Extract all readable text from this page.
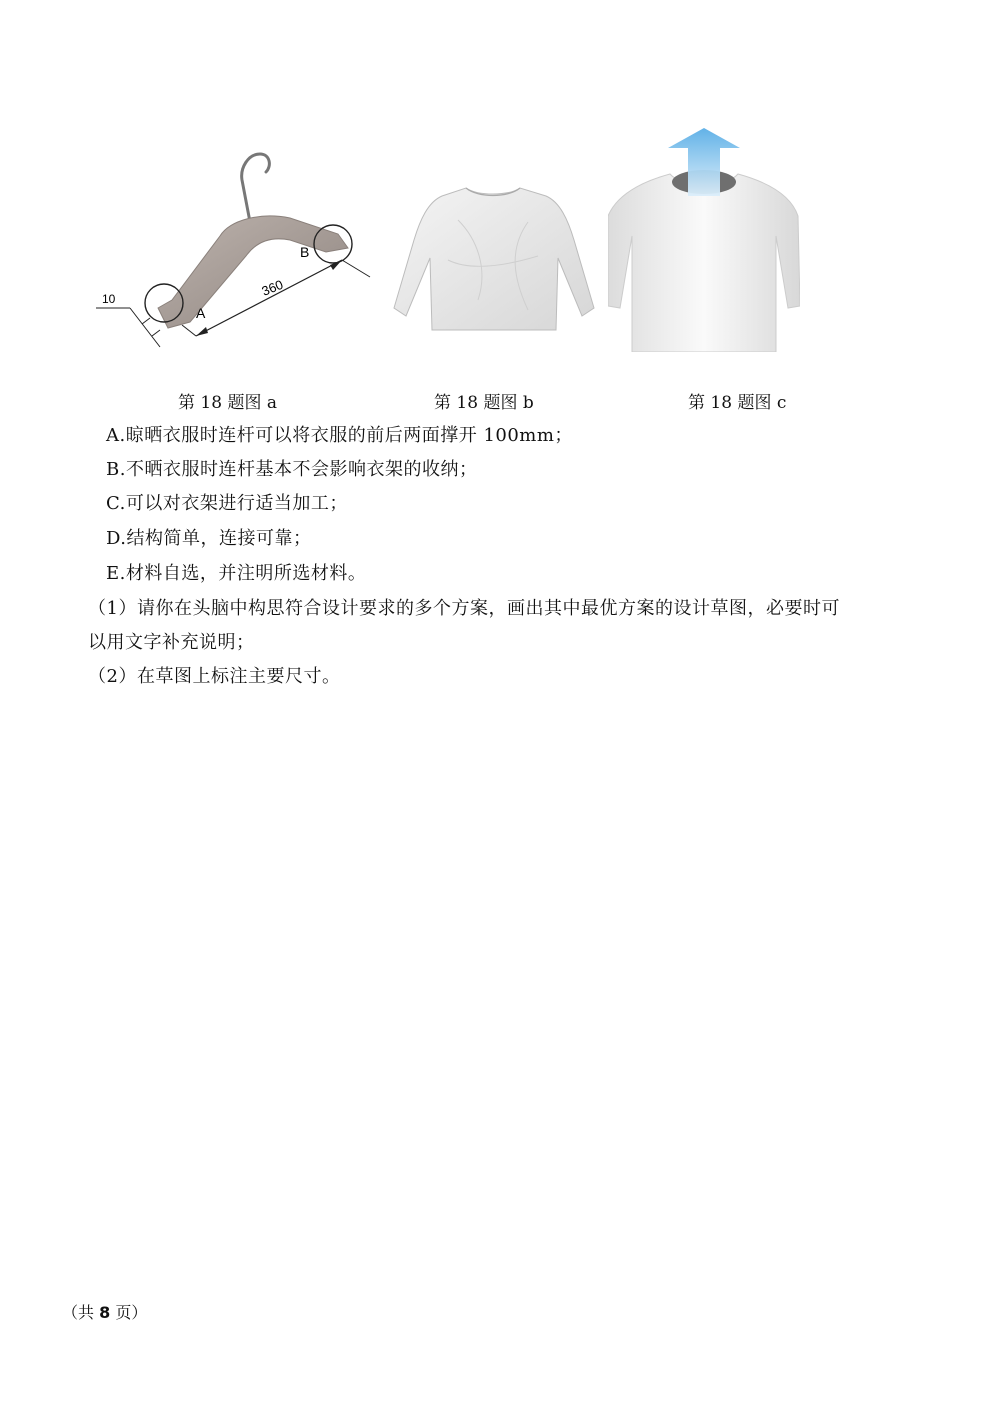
A
B
360
10
第 18 题图 a	第 18 题图 b	第 18 题图 c
A.晾晒衣服时连杆可以将衣服的前后两面撑开 100mm；
B.不晒衣服时连杆基本不会影响衣架的收纳；
C.可以对衣架进行适当加工；
D.结构简单，连接可靠；
E.材料自选，并注明所选材料。
（1）请你在头脑中构思符合设计要求的多个方案，画出其中最优方案的设计草图，必要时可
以用文字补充说明；
（2）在草图上标注主要尺寸。
（共 8 页）
